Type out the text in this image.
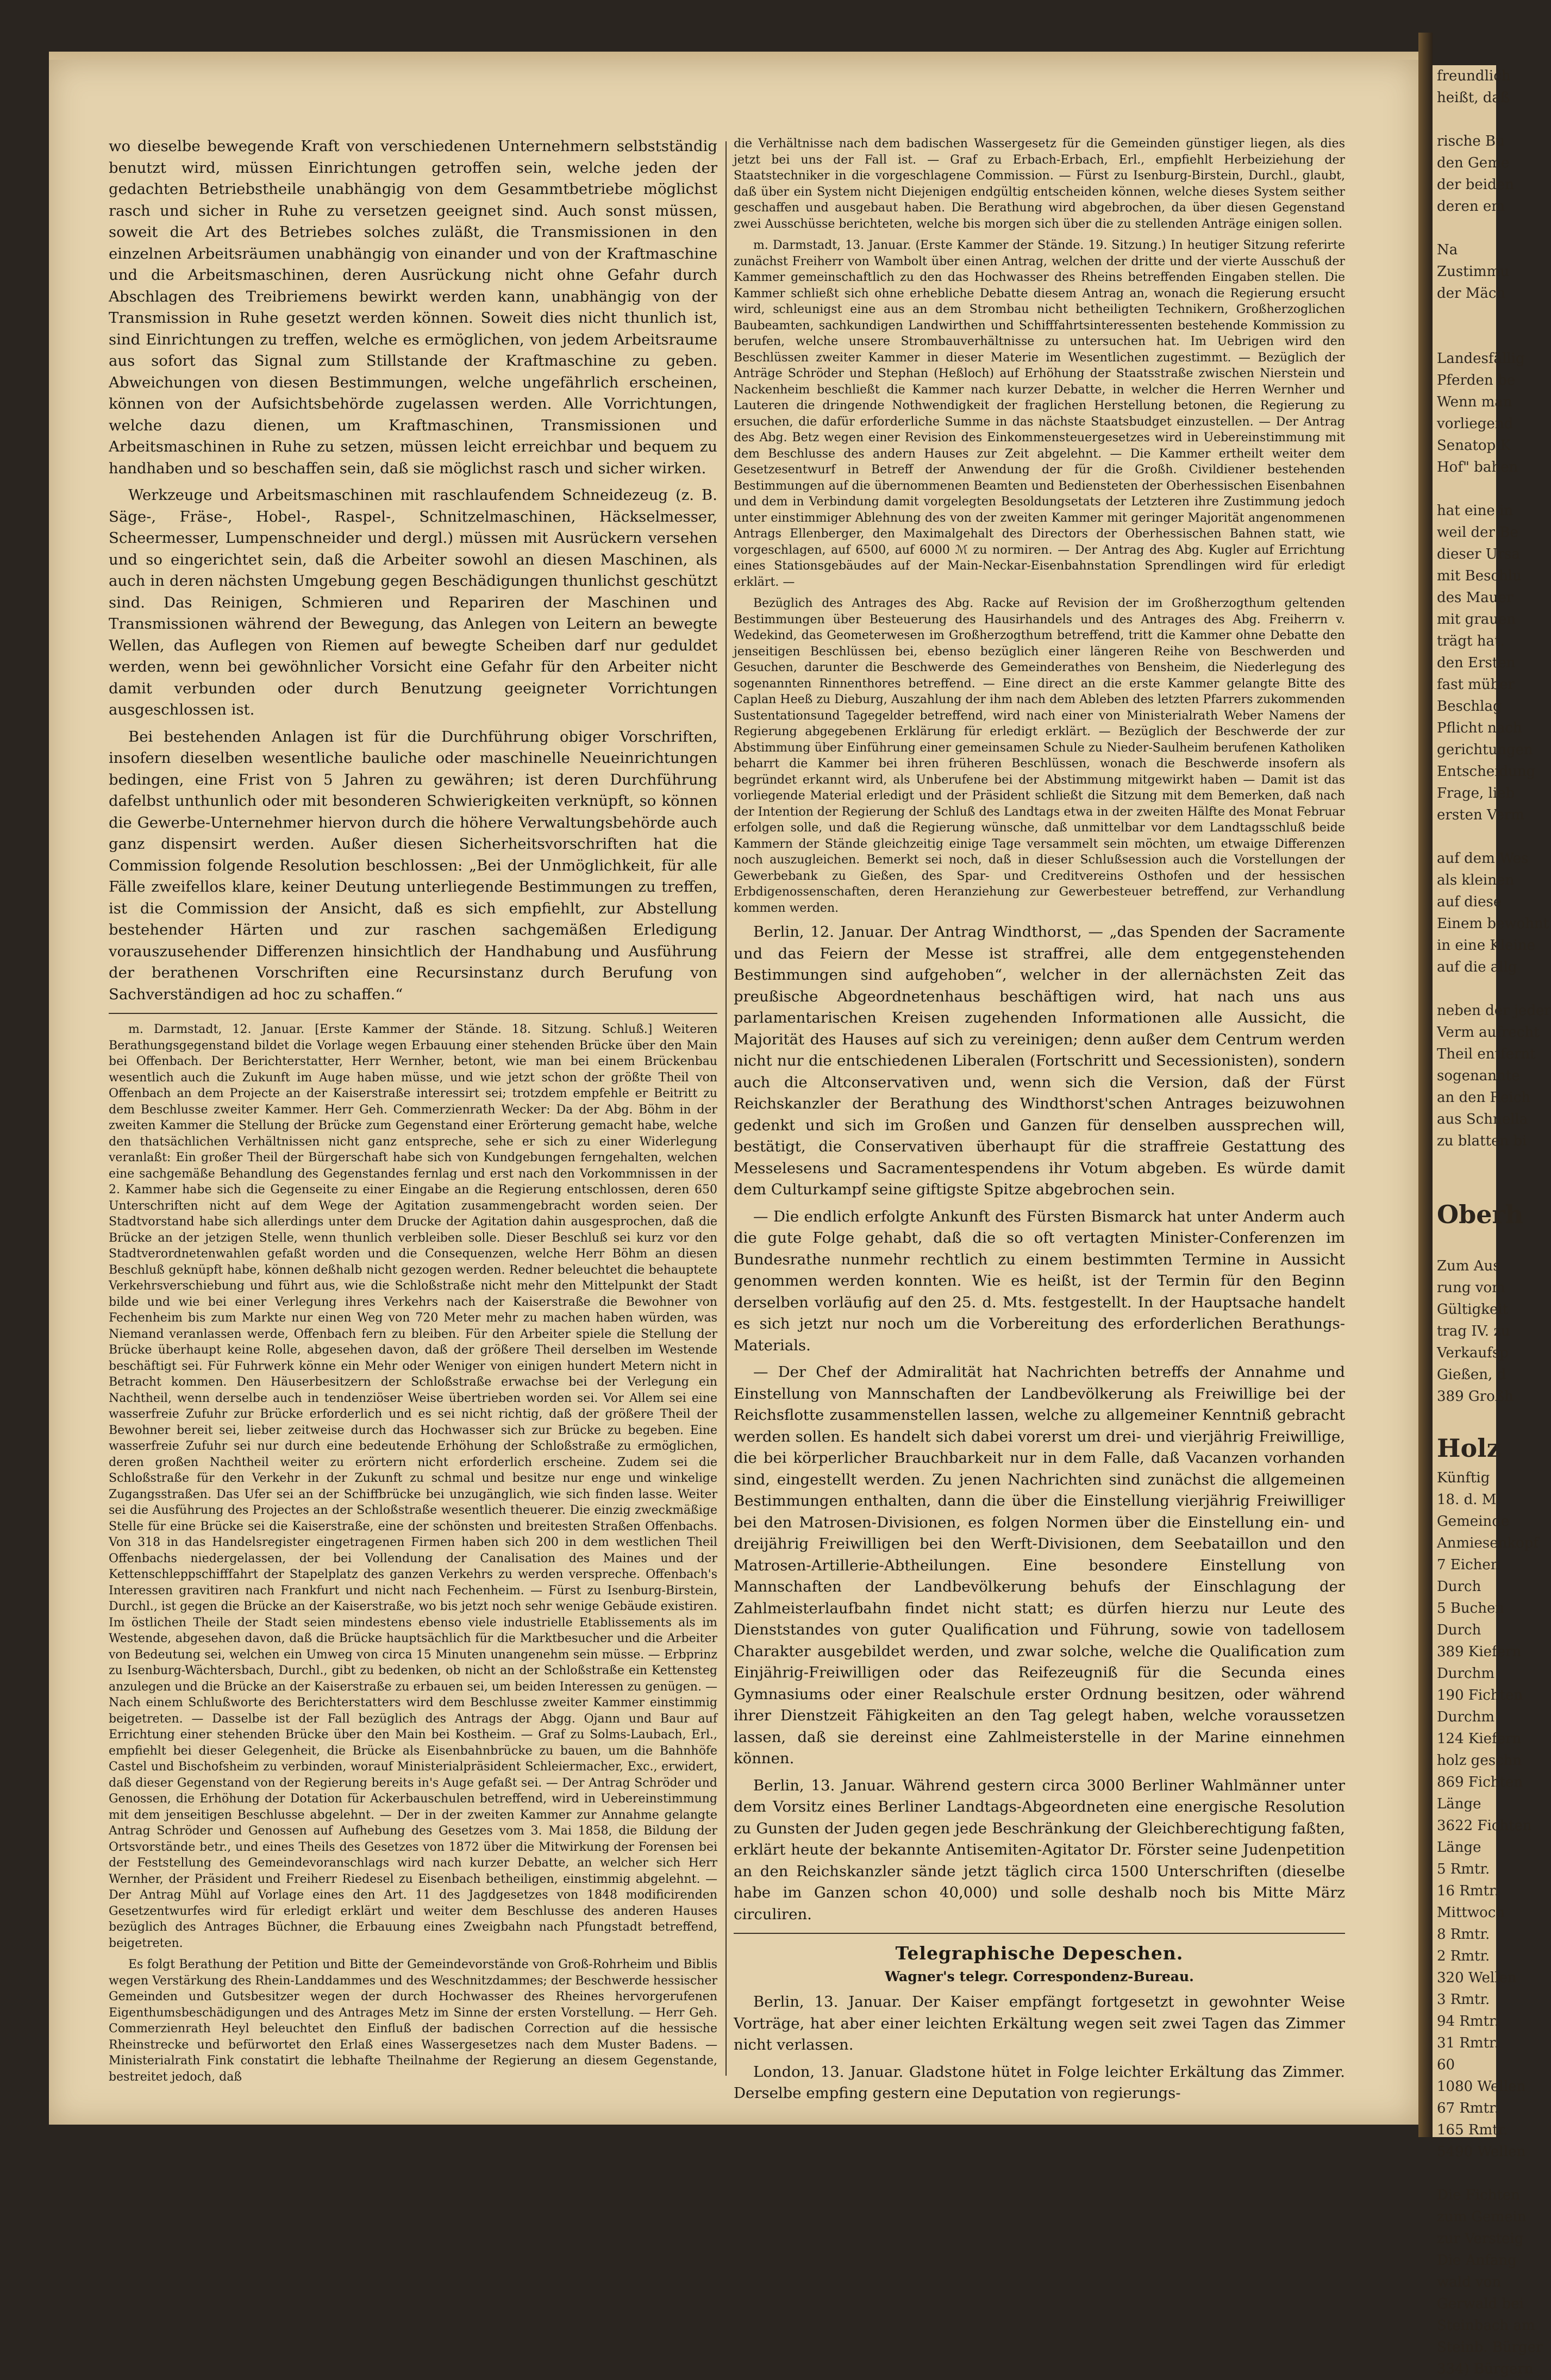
freundlich
heißt, daß

rische Bu
den Geme
der beiden
deren em

Na
Zustimmu
der Mäch

Landesfällig
Pferden be
Wenn man
vorliegend
Senatop K
Hof" bahen

hat eine in
weil der Be
dieser Ursa
mit Beschlu
des Mauer
mit grauen
trägt hat.
den Ersten
fast müber
Beschlag
Pflicht nach
gerichtungen
Entscheidung
Frage, lieb
ersten Verm

auf dem Wes
als kleinen
auf diese
Einem bewohnt
in eine Kleine
auf die allg

neben der jeder
Verm aufrecht
Theil entfernt
sogenannte
an den Reich
aus Schnella
zu blatten bi

Oberh

Zum Aus
rung vom
Gültigkeit
trag IV. zu
Verkaufsp
Gießen, d
389 Großh

Holz
Künftig
18. d. M
Gemeinde
Anmiesenkopf
7 Eichen
Durch
5 Buchen
Durch
389 Kiefern
Durchm
190 Fichten
Durchm
124 Kiefern
holz geschn
869 Fichten
Länge
3622 Fichten
Länge
5 Rmtr.
16 Rmtr.
Mittwoch
8 Rmtr.
2 Rmtr.
320 Wellen
3 Rmtr.
94 Rmtr.
31 Rmtr.
60
1080 Wellen
67 Rmtr.
165 Rmtr.
5490 Wellen

Die Fichten
zum Gemein
zur Versteig
Die Anfang
wald von
Gerwald bei
Steinbach am
Steinb. Bürger
334) Bürgern

wo dieselbe bewegende Kraft von verschiedenen Unternehmern selbstständig benutzt wird, müssen Einrichtungen getroffen sein, welche jeden der gedachten Betriebstheile unabhängig von dem Gesammtbetriebe möglichst rasch und sicher in Ruhe zu versetzen geeignet sind. Auch sonst müssen, soweit die Art des Betriebes solches zuläßt, die Transmissionen in den einzelnen Arbeitsräumen unabhängig von einander und von der Kraftmaschine und die Arbeitsmaschinen, deren Ausrückung nicht ohne Gefahr durch Abschlagen des Treibriemens bewirkt werden kann, unabhängig von der Transmission in Ruhe gesetzt werden können. Soweit dies nicht thunlich ist, sind Einrichtungen zu treffen, welche es ermöglichen, von jedem Arbeitsraume aus sofort das Signal zum Stillstande der Kraftmaschine zu geben. Abweichungen von diesen Bestimmungen, welche ungefährlich erscheinen, können von der Aufsichtsbehörde zugelassen werden. Alle Vorrichtungen, welche dazu dienen, um Kraftmaschinen, Transmissionen und Arbeitsmaschinen in Ruhe zu setzen, müssen leicht erreichbar und bequem zu handhaben und so beschaffen sein, daß sie möglichst rasch und sicher wirken.

Werkzeuge und Arbeitsmaschinen mit raschlaufendem Schneidezeug (z. B. Säge-, Fräse-, Hobel-, Raspel-, Schnitzelmaschinen, Häckselmesser, Scheermesser, Lumpenschneider und dergl.) müssen mit Ausrückern versehen und so eingerichtet sein, daß die Arbeiter sowohl an diesen Maschinen, als auch in deren nächsten Umgebung gegen Beschädigungen thunlichst geschützt sind. Das Reinigen, Schmieren und Repariren der Maschinen und Transmissionen während der Bewegung, das Anlegen von Leitern an bewegte Wellen, das Auflegen von Riemen auf bewegte Scheiben darf nur geduldet werden, wenn bei gewöhnlicher Vorsicht eine Gefahr für den Arbeiter nicht damit verbunden oder durch Benutzung geeigneter Vorrichtungen ausgeschlossen ist.

Bei bestehenden Anlagen ist für die Durchführung obiger Vorschriften, insofern dieselben wesentliche bauliche oder maschinelle Neueinrichtungen bedingen, eine Frist von 5 Jahren zu gewähren; ist deren Durchführung dafelbst unthunlich oder mit besonderen Schwierigkeiten verknüpft, so können die Gewerbe-Unternehmer hiervon durch die höhere Verwaltungsbehörde auch ganz dispensirt werden. Außer diesen Sicherheitsvorschriften hat die Commission folgende Resolution beschlossen: „Bei der Unmöglichkeit, für alle Fälle zweifellos klare, keiner Deutung unterliegende Bestimmungen zu treffen, ist die Commission der Ansicht, daß es sich empfiehlt, zur Abstellung bestehender Härten und zur raschen sachgemäßen Erledigung vorauszusehender Differenzen hinsichtlich der Handhabung und Ausführung der berathenen Vorschriften eine Recursinstanz durch Berufung von Sachverständigen ad hoc zu schaffen.“

m. Darmstadt, 12. Januar. [Erste Kammer der Stände. 18. Sitzung. Schluß.] Weiteren Berathungsgegenstand bildet die Vorlage wegen Erbauung einer stehenden Brücke über den Main bei Offenbach. Der Berichterstatter, Herr Wernher, betont, wie man bei einem Brückenbau wesentlich auch die Zukunft im Auge haben müsse, und wie jetzt schon der größte Theil von Offenbach an dem Projecte an der Kaiserstraße interessirt sei; trotzdem empfehle er Beitritt zu dem Beschlusse zweiter Kammer. Herr Geh. Commerzienrath Wecker: Da der Abg. Böhm in der zweiten Kammer die Stellung der Brücke zum Gegenstand einer Erörterung gemacht habe, welche den thatsächlichen Verhältnissen nicht ganz entspreche, sehe er sich zu einer Widerlegung veranlaßt: Ein großer Theil der Bürgerschaft habe sich von Kundgebungen ferngehalten, welchen eine sachgemäße Behandlung des Gegenstandes fernlag und erst nach den Vorkommnissen in der 2. Kammer habe sich die Gegenseite zu einer Eingabe an die Regierung entschlossen, deren 650 Unterschriften nicht auf dem Wege der Agitation zusammengebracht worden seien. Der Stadtvorstand habe sich allerdings unter dem Drucke der Agitation dahin ausgesprochen, daß die Brücke an der jetzigen Stelle, wenn thunlich verbleiben solle. Dieser Beschluß sei kurz vor den Stadtverordnetenwahlen gefaßt worden und die Consequenzen, welche Herr Böhm an diesen Beschluß geknüpft habe, können deßhalb nicht gezogen werden. Redner beleuchtet die behauptete Verkehrsverschiebung und führt aus, wie die Schloßstraße nicht mehr den Mittelpunkt der Stadt bilde und wie bei einer Verlegung ihres Verkehrs nach der Kaiserstraße die Bewohner von Fechenheim bis zum Markte nur einen Weg von 720 Meter mehr zu machen haben würden, was Niemand veranlassen werde, Offenbach fern zu bleiben. Für den Arbeiter spiele die Stellung der Brücke überhaupt keine Rolle, abgesehen davon, daß der größere Theil derselben im Westende beschäftigt sei. Für Fuhrwerk könne ein Mehr oder Weniger von einigen hundert Metern nicht in Betracht kommen. Den Häuserbesitzern der Schloßstraße erwachse bei der Verlegung ein Nachtheil, wenn derselbe auch in tendenziöser Weise übertrieben worden sei. Vor Allem sei eine wasserfreie Zufuhr zur Brücke erforderlich und es sei nicht richtig, daß der größere Theil der Bewohner bereit sei, lieber zeitweise durch das Hochwasser sich zur Brücke zu begeben. Eine wasserfreie Zufuhr sei nur durch eine bedeutende Erhöhung der Schloßstraße zu ermöglichen, deren großen Nachtheil weiter zu erörtern nicht erforderlich erscheine. Zudem sei die Schloßstraße für den Verkehr in der Zukunft zu schmal und besitze nur enge und winkelige Zugangsstraßen. Das Ufer sei an der Schiffbrücke bei unzugänglich, wie sich finden lasse. Weiter sei die Ausführung des Projectes an der Schloßstraße wesentlich theuerer. Die einzig zweckmäßige Stelle für eine Brücke sei die Kaiserstraße, eine der schönsten und breitesten Straßen Offenbachs. Von 318 in das Handelsregister eingetragenen Firmen haben sich 200 in dem westlichen Theil Offenbachs niedergelassen, der bei Vollendung der Canalisation des Maines und der Kettenschleppschifffahrt der Stapelplatz des ganzen Verkehrs zu werden verspreche. Offenbach's Interessen gravitiren nach Frankfurt und nicht nach Fechenheim. — Fürst zu Isenburg-Birstein, Durchl., ist gegen die Brücke an der Kaiserstraße, wo bis jetzt noch sehr wenige Gebäude existiren. Im östlichen Theile der Stadt seien mindestens ebenso viele industrielle Etablissements als im Westende, abgesehen davon, daß die Brücke hauptsächlich für die Marktbesucher und die Arbeiter von Bedeutung sei, welchen ein Umweg von circa 15 Minuten unangenehm sein müsse. — Erbprinz zu Isenburg-Wächtersbach, Durchl., gibt zu bedenken, ob nicht an der Schloßstraße ein Kettensteg anzulegen und die Brücke an der Kaiserstraße zu erbauen sei, um beiden Interessen zu genügen. — Nach einem Schlußworte des Berichterstatters wird dem Beschlusse zweiter Kammer einstimmig beigetreten. — Dasselbe ist der Fall bezüglich des Antrags der Abgg. Ojann und Baur auf Errichtung einer stehenden Brücke über den Main bei Kostheim. — Graf zu Solms-Laubach, Erl., empfiehlt bei dieser Gelegenheit, die Brücke als Eisenbahnbrücke zu bauen, um die Bahnhöfe Castel und Bischofsheim zu verbinden, worauf Ministerialpräsident Schleiermacher, Exc., erwidert, daß dieser Gegenstand von der Regierung bereits in's Auge gefaßt sei. — Der Antrag Schröder und Genossen, die Erhöhung der Dotation für Ackerbauschulen betreffend, wird in Uebereinstimmung mit dem jenseitigen Beschlusse abgelehnt. — Der in der zweiten Kammer zur Annahme gelangte Antrag Schröder und Genossen auf Aufhebung des Gesetzes vom 3. Mai 1858, die Bildung der Ortsvorstände betr., und eines Theils des Gesetzes von 1872 über die Mitwirkung der Forensen bei der Feststellung des Gemeindevoranschlags wird nach kurzer Debatte, an welcher sich Herr Wernher, der Präsident und Freiherr Riedesel zu Eisenbach betheiligen, einstimmig abgelehnt. — Der Antrag Mühl auf Vorlage eines den Art. 11 des Jagdgesetzes von 1848 modificirenden Gesetzentwurfes wird für erledigt erklärt und weiter dem Beschlusse des anderen Hauses bezüglich des Antrages Büchner, die Erbauung eines Zweigbahn nach Pfungstadt betreffend, beigetreten.

Es folgt Berathung der Petition und Bitte der Gemeindevorstände von Groß-Rohrheim und Biblis wegen Verstärkung des Rhein-Landdammes und des Weschnitzdammes; der Beschwerde hessischer Gemeinden und Gutsbesitzer wegen der durch Hochwasser des Rheines hervorgerufenen Eigenthumsbeschädigungen und des Antrages Metz im Sinne der ersten Vorstellung. — Herr Geh. Commerzienrath Heyl beleuchtet den Einfluß der badischen Correction auf die hessische Rheinstrecke und befürwortet den Erlaß eines Wassergesetzes nach dem Muster Badens. — Ministerialrath Fink constatirt die lebhafte Theilnahme der Regierung an diesem Gegenstande, bestreitet jedoch, daß

die Verhältnisse nach dem badischen Wassergesetz für die Gemeinden günstiger liegen, als dies jetzt bei uns der Fall ist. — Graf zu Erbach-Erbach, Erl., empfiehlt Herbeiziehung der Staatstechniker in die vorgeschlagene Commission. — Fürst zu Isenburg-Birstein, Durchl., glaubt, daß über ein System nicht Diejenigen endgültig entscheiden können, welche dieses System seither geschaffen und ausgebaut haben. Die Berathung wird abgebrochen, da über diesen Gegenstand zwei Ausschüsse berichteten, welche bis morgen sich über die zu stellenden Anträge einigen sollen.

m. Darmstadt, 13. Januar. (Erste Kammer der Stände. 19. Sitzung.) In heutiger Sitzung referirte zunächst Freiherr von Wambolt über einen Antrag, welchen der dritte und der vierte Ausschuß der Kammer gemeinschaftlich zu den das Hochwasser des Rheins betreffenden Eingaben stellen. Die Kammer schließt sich ohne erhebliche Debatte diesem Antrag an, wonach die Regierung ersucht wird, schleunigst eine aus an dem Strombau nicht betheiligten Technikern, Großherzoglichen Baubeamten, sachkundigen Landwirthen und Schifffahrtsinteressenten bestehende Kommission zu berufen, welche unsere Strombauverhältnisse zu untersuchen hat. Im Uebrigen wird den Beschlüssen zweiter Kammer in dieser Materie im Wesentlichen zugestimmt. — Bezüglich der Anträge Schröder und Stephan (Heßloch) auf Erhöhung der Staatsstraße zwischen Nierstein und Nackenheim beschließt die Kammer nach kurzer Debatte, in welcher die Herren Wernher und Lauteren die dringende Nothwendigkeit der fraglichen Herstellung betonen, die Regierung zu ersuchen, die dafür erforderliche Summe in das nächste Staatsbudget einzustellen. — Der Antrag des Abg. Betz wegen einer Revision des Einkommensteuergesetzes wird in Uebereinstimmung mit dem Beschlusse des andern Hauses zur Zeit abgelehnt. — Die Kammer ertheilt weiter dem Gesetzesentwurf in Betreff der Anwendung der für die Großh. Civildiener bestehenden Bestimmungen auf die übernommenen Beamten und Bediensteten der Oberhessischen Eisenbahnen und dem in Verbindung damit vorgelegten Besoldungsetats der Letzteren ihre Zustimmung jedoch unter einstimmiger Ablehnung des von der zweiten Kammer mit geringer Majorität angenommenen Antrags Ellenberger, den Maximalgehalt des Directors der Oberhessischen Bahnen statt, wie vorgeschlagen, auf 6500, auf 6000 ℳ zu normiren. — Der Antrag des Abg. Kugler auf Errichtung eines Stationsgebäudes auf der Main-Neckar-Eisenbahnstation Sprendlingen wird für erledigt erklärt. —

Bezüglich des Antrages des Abg. Racke auf Revision der im Großherzogthum geltenden Bestimmungen über Besteuerung des Hausirhandels und des Antrages des Abg. Freiherrn v. Wedekind, das Geometerwesen im Großherzogthum betreffend, tritt die Kammer ohne Debatte den jenseitigen Beschlüssen bei, ebenso bezüglich einer längeren Reihe von Beschwerden und Gesuchen, darunter die Beschwerde des Gemeinderathes von Bensheim, die Niederlegung des sogenannten Rinnenthores betreffend. — Eine direct an die erste Kammer gelangte Bitte des Caplan Heeß zu Dieburg, Auszahlung der ihm nach dem Ableben des letzten Pfarrers zukommenden Sustentationsund Tagegelder betreffend, wird nach einer von Ministerialrath Weber Namens der Regierung abgegebenen Erklärung für erledigt erklärt. — Bezüglich der Beschwerde der zur Abstimmung über Einführung einer gemeinsamen Schule zu Nieder-Saulheim berufenen Katholiken beharrt die Kammer bei ihren früheren Beschlüssen, wonach die Beschwerde insofern als begründet erkannt wird, als Unberufene bei der Abstimmung mitgewirkt haben — Damit ist das vorliegende Material erledigt und der Präsident schließt die Sitzung mit dem Bemerken, daß nach der Intention der Regierung der Schluß des Landtags etwa in der zweiten Hälfte des Monat Februar erfolgen solle, und daß die Regierung wünsche, daß unmittelbar vor dem Landtagsschluß beide Kammern der Stände gleichzeitig einige Tage versammelt sein möchten, um etwaige Differenzen noch auszugleichen. Bemerkt sei noch, daß in dieser Schlußsession auch die Vorstellungen der Gewerbebank zu Gießen, des Spar- und Creditvereins Osthofen und der hessischen Erbdigenossenschaften, deren Heranziehung zur Gewerbesteuer betreffend, zur Verhandlung kommen werden.

Berlin, 12. Januar. Der Antrag Windthorst, — „das Spenden der Sacramente und das Feiern der Messe ist straffrei, alle dem entgegenstehenden Bestimmungen sind aufgehoben“, welcher in der allernächsten Zeit das preußische Abgeordnetenhaus beschäftigen wird, hat nach uns aus parlamentarischen Kreisen zugehenden Informationen alle Aussicht, die Majorität des Hauses auf sich zu vereinigen; denn außer dem Centrum werden nicht nur die entschiedenen Liberalen (Fortschritt und Secessionisten), sondern auch die Altconservativen und, wenn sich die Version, daß der Fürst Reichskanzler der Berathung des Windthorst'schen Antrages beizuwohnen gedenkt und sich im Großen und Ganzen für denselben aussprechen will, bestätigt, die Conservativen überhaupt für die straffreie Gestattung des Messelesens und Sacramentespendens ihr Votum abgeben. Es würde damit dem Culturkampf seine giftigste Spitze abgebrochen sein.

— Die endlich erfolgte Ankunft des Fürsten Bismarck hat unter Anderm auch die gute Folge gehabt, daß die so oft vertagten Minister-Conferenzen im Bundesrathe nunmehr rechtlich zu einem bestimmten Termine in Aussicht genommen werden konnten. Wie es heißt, ist der Termin für den Beginn derselben vorläufig auf den 25. d. Mts. festgestellt. In der Hauptsache handelt es sich jetzt nur noch um die Vorbereitung des erforderlichen Berathungs-Materials.

— Der Chef der Admiralität hat Nachrichten betreffs der Annahme und Einstellung von Mannschaften der Landbevölkerung als Freiwillige bei der Reichsflotte zusammenstellen lassen, welche zu allgemeiner Kenntniß gebracht werden sollen. Es handelt sich dabei vorerst um drei- und vierjährig Freiwillige, die bei körperlicher Brauchbarkeit nur in dem Falle, daß Vacanzen vorhanden sind, eingestellt werden. Zu jenen Nachrichten sind zunächst die allgemeinen Bestimmungen enthalten, dann die über die Einstellung vierjährig Freiwilliger bei den Matrosen-Divisionen, es folgen Normen über die Einstellung ein- und dreijährig Freiwilligen bei den Werft-Divisionen, dem Seebataillon und den Matrosen-Artillerie-Abtheilungen. Eine besondere Einstellung von Mannschaften der Landbevölkerung behufs der Einschlagung der Zahlmeisterlaufbahn findet nicht statt; es dürfen hierzu nur Leute des Dienststandes von guter Qualification und Führung, sowie von tadellosem Charakter ausgebildet werden, und zwar solche, welche die Qualification zum Einjährig-Freiwilligen oder das Reifezeugniß für die Secunda eines Gymnasiums oder einer Realschule erster Ordnung besitzen, oder während ihrer Dienstzeit Fähigkeiten an den Tag gelegt haben, welche voraussetzen lassen, daß sie dereinst eine Zahlmeisterstelle in der Marine einnehmen können.

Berlin, 13. Januar. Während gestern circa 3000 Berliner Wahlmänner unter dem Vorsitz eines Berliner Landtags-Abgeordneten eine energische Resolution zu Gunsten der Juden gegen jede Beschränkung der Gleichberechtigung faßten, erklärt heute der bekannte Antisemiten-Agitator Dr. Förster seine Judenpetition an den Reichskanzler sände jetzt täglich circa 1500 Unterschriften (dieselbe habe im Ganzen schon 40,000) und solle deshalb noch bis Mitte März circuliren.

Telegraphische Depeschen.
Wagner's telegr. Correspondenz-Bureau.

Berlin, 13. Januar. Der Kaiser empfängt fortgesetzt in gewohnter Weise Vorträge, hat aber einer leichten Erkältung wegen seit zwei Tagen das Zimmer nicht verlassen.

London, 13. Januar. Gladstone hütet in Folge leichter Erkältung das Zimmer. Derselbe empfing gestern eine Deputation von regierungs-
